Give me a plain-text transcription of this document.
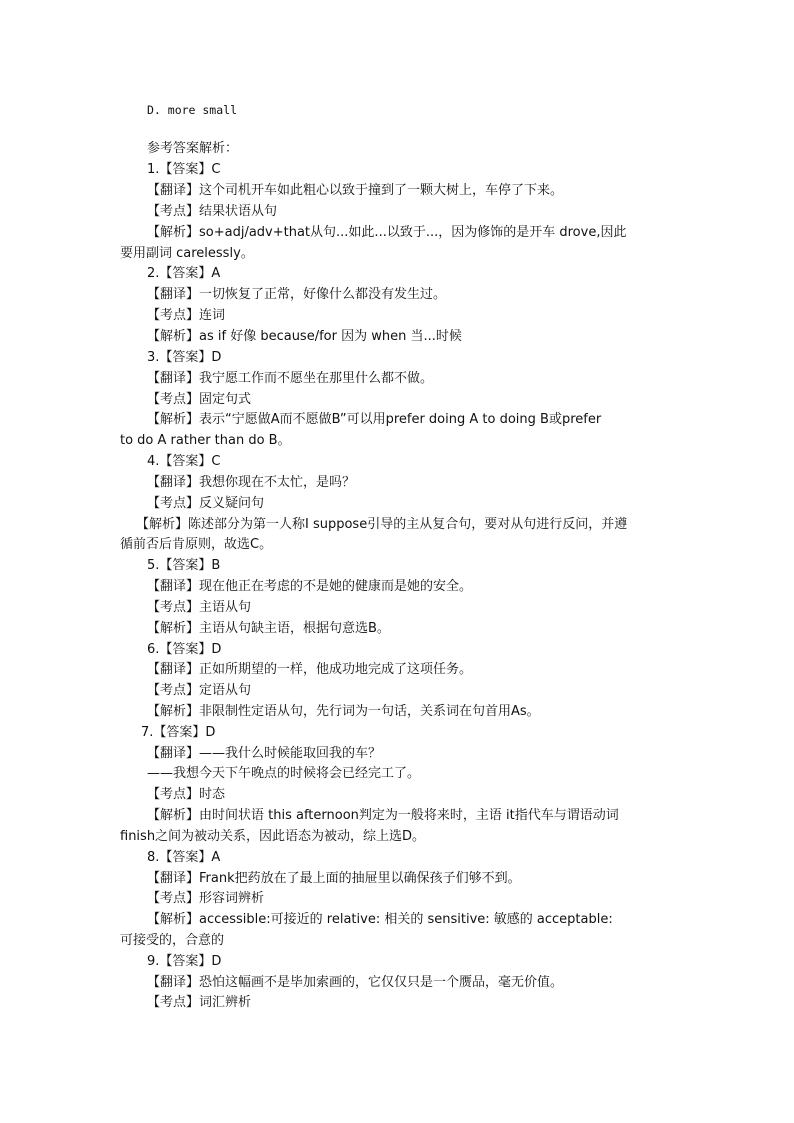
D. more small
参考答案解析：
1.【答案】C
【翻译】这个司机开车如此粗心以致于撞到了一颗大树上，车停了下来。
【考点】结果状语从句
【解析】so+adj/adv+that从句...如此...以致于...，因为修饰的是开车 drove,因此
要用副词 carelessly。
2.【答案】A
【翻译】一切恢复了正常，好像什么都没有发生过。
【考点】连词
【解析】as if 好像 because/for 因为 when 当...时候
3.【答案】D
【翻译】我宁愿工作而不愿坐在那里什么都不做。
【考点】固定句式
【解析】表示“宁愿做A而不愿做B”可以用prefer doing A to doing B或prefer
to do A rather than do B。
4.【答案】C
【翻译】我想你现在不太忙，是吗？
【考点】反义疑问句
【解析】陈述部分为第一人称I suppose引导的主从复合句，要对从句进行反问，并遵
循前否后肯原则，故选C。
5.【答案】B
【翻译】现在他正在考虑的不是她的健康而是她的安全。
【考点】主语从句
【解析】主语从句缺主语，根据句意选B。
6.【答案】D
【翻译】正如所期望的一样，他成功地完成了这项任务。
【考点】定语从句
【解析】非限制性定语从句，先行词为一句话，关系词在句首用As。
7.【答案】D
【翻译】——我什么时候能取回我的车？
——我想今天下午晚点的时候将会已经完工了。
【考点】时态
【解析】由时间状语 this afternoon判定为一般将来时，主语 it指代车与谓语动词
finish之间为被动关系，因此语态为被动，综上选D。
8.【答案】A
【翻译】Frank把药放在了最上面的抽屉里以确保孩子们够不到。
【考点】形容词辨析
【解析】accessible:可接近的 relative: 相关的 sensitive: 敏感的 acceptable:
可接受的，合意的
9.【答案】D
【翻译】恐怕这幅画不是毕加索画的，它仅仅只是一个赝品，毫无价值。
【考点】词汇辨析
